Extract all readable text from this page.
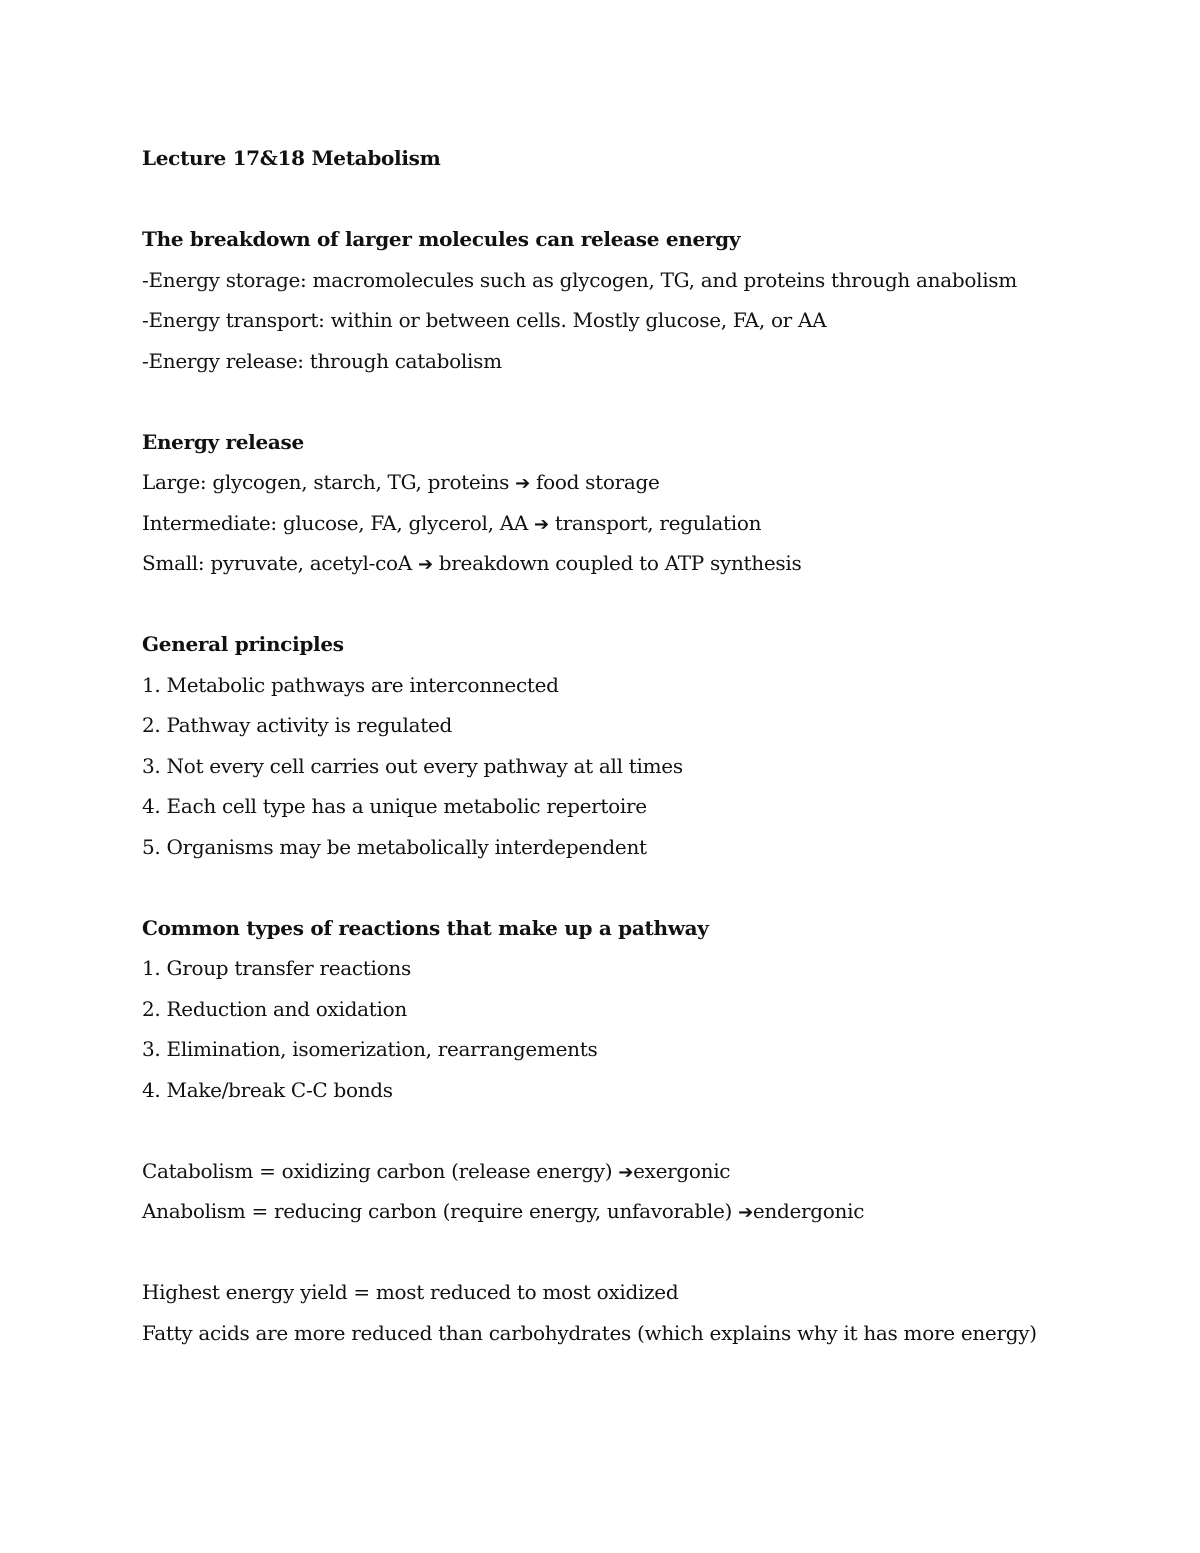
Lecture 17&18 Metabolism
The breakdown of larger molecules can release energy
-Energy storage: macromolecules such as glycogen, TG, and proteins through anabolism
-Energy transport: within or between cells. Mostly glucose, FA, or AA
-Energy release: through catabolism
Energy release
Large: glycogen, starch, TG, proteins ➔ food storage
Intermediate: glucose, FA, glycerol, AA ➔ transport, regulation
Small: pyruvate, acetyl-coA ➔ breakdown coupled to ATP synthesis
General principles
1. Metabolic pathways are interconnected
2. Pathway activity is regulated
3. Not every cell carries out every pathway at all times
4. Each cell type has a unique metabolic repertoire
5. Organisms may be metabolically interdependent
Common types of reactions that make up a pathway
1. Group transfer reactions
2. Reduction and oxidation
3. Elimination, isomerization, rearrangements
4. Make/break C-C bonds
Catabolism = oxidizing carbon (release energy) ➔exergonic
Anabolism = reducing carbon (require energy, unfavorable) ➔endergonic
Highest energy yield = most reduced to most oxidized
Fatty acids are more reduced than carbohydrates (which explains why it has more energy)
